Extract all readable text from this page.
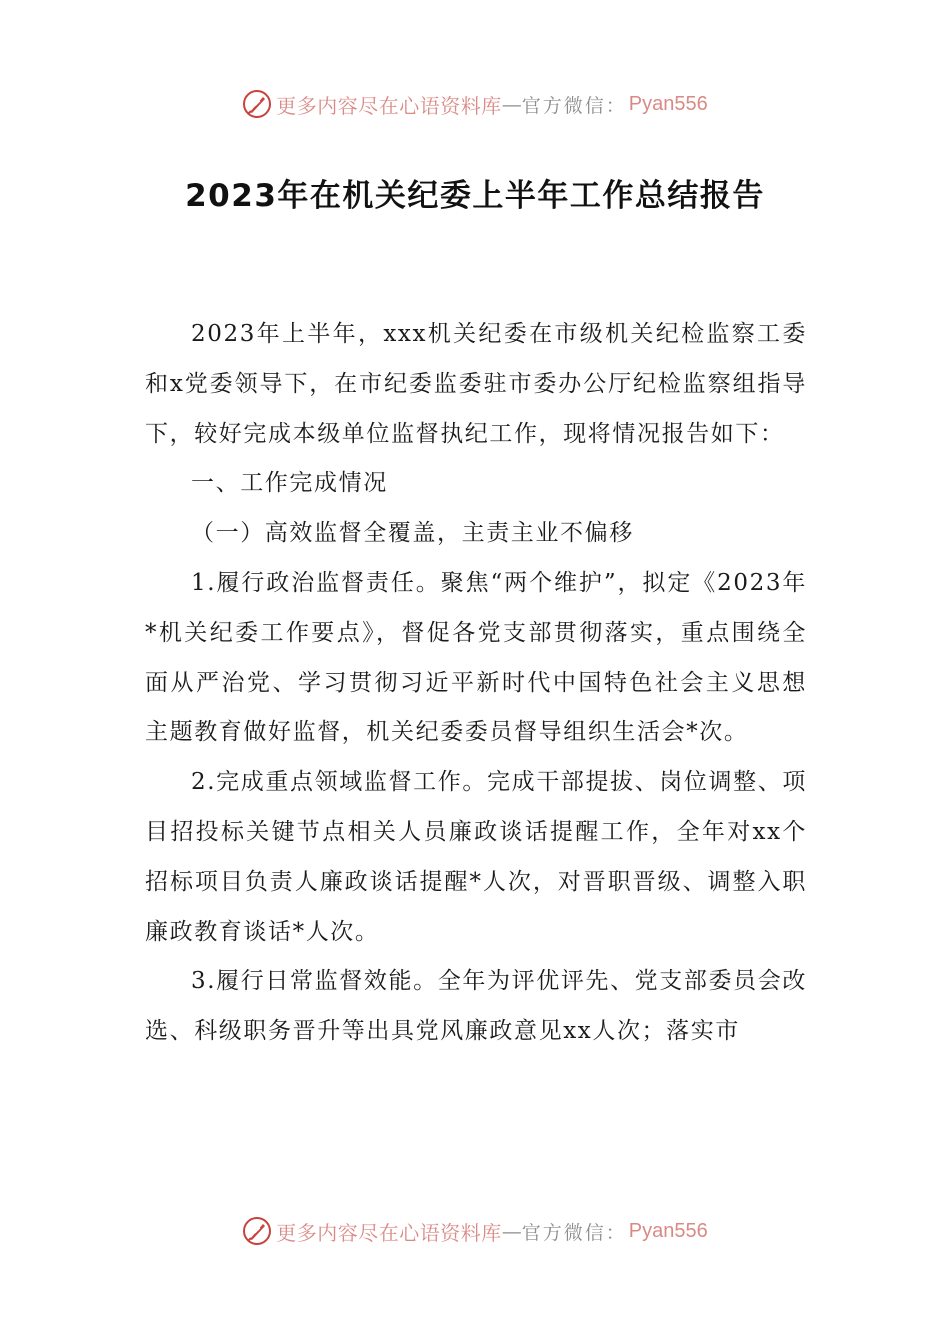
更多内容尽在心语资料库 — 官方微信： Pyan556
2023年在机关纪委上半年工作总结报告

2023年上半年，xxx机关纪委在市级机关纪检监察工委和x党委领导下，在市纪委监委驻市委办公厅纪检监察组指导下，较好完成本级单位监督执纪工作，现将情况报告如下：

一、工作完成情况

（一）高效监督全覆盖，主责主业不偏移

1.履行政治监督责任。聚焦“两个维护”，拟定《2023年*机关纪委工作要点》，督促各党支部贯彻落实，重点围绕全面从严治党、学习贯彻习近平新时代中国特色社会主义思想主题教育做好监督，机关纪委委员督导组织生活会*次。

2.完成重点领域监督工作。完成干部提拔、岗位调整、项目招投标关键节点相关人员廉政谈话提醒工作，全年对xx个招标项目负责人廉政谈话提醒*人次，对晋职晋级、调整入职廉政教育谈话*人次。

3.履行日常监督效能。全年为评优评先、党支部委员会改选、科级职务晋升等出具党风廉政意见xx人次；落实市

更多内容尽在心语资料库 — 官方微信： Pyan556
